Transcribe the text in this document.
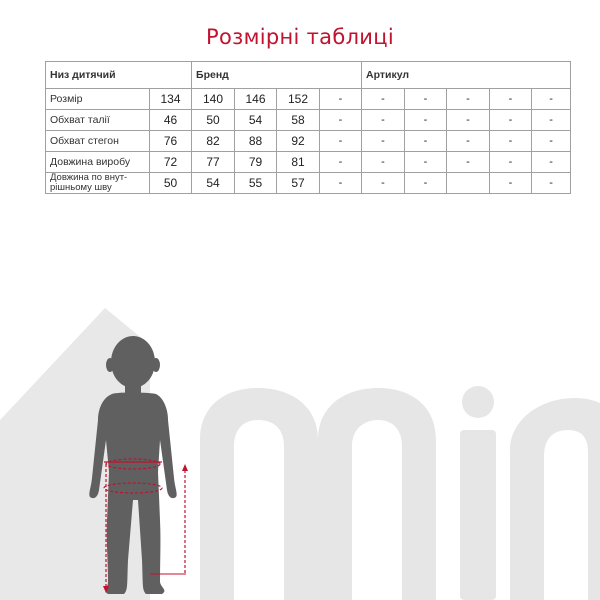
Розмірні таблиці
Низ дитячий		Бренд				Артикул				
Розмір	134	140	146	152	-	-	-	-	-	-
Обхват талії	46	50	54	58	-	-	-	-	-	-
Обхват стегон	76	82	88	92	-	-	-	-	-	-
Довжина виробу	72	77	79	81	-	-	-	-	-	-
Довжина по внут-рішньому шву	50	54	55	57	-	-	-		-	-
